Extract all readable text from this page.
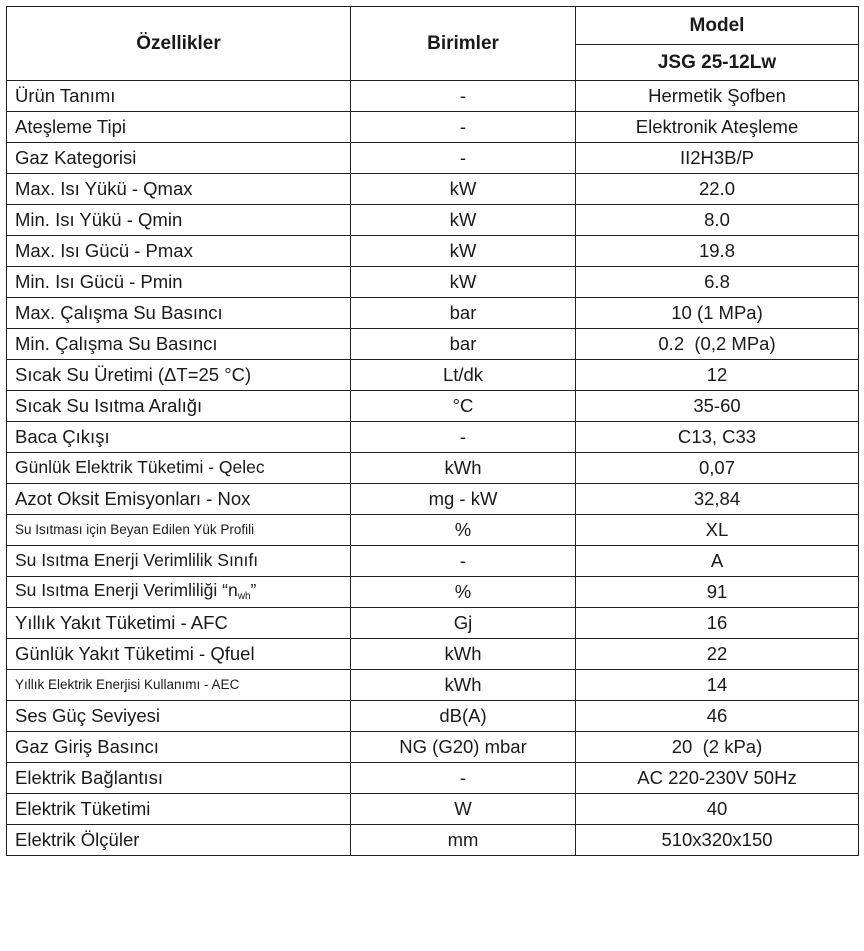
Özellikler	Birimler	Model
		JSG 25-12Lw
Ürün Tanımı	-	Hermetik Şofben
Ateşleme Tipi	-	Elektronik Ateşleme
Gaz Kategorisi	-	II2H3B/P
Max. Isı Yükü - Qmax	kW	22.0
Min. Isı Yükü - Qmin	kW	8.0
Max. Isı Gücü - Pmax	kW	19.8
Min. Isı Gücü - Pmin	kW	6.8
Max. Çalışma Su Basıncı	bar	10 (1 MPa)
Min. Çalışma Su Basıncı	bar	0.2  (0,2 MPa)
Sıcak Su Üretimi (ΔT=25 °C)	Lt/dk	12
Sıcak Su Isıtma Aralığı	°C	35-60
Baca Çıkışı	-	C13, C33
Günlük Elektrik Tüketimi - Qelec	kWh	0,07
Azot Oksit Emisyonları - Nox	mg - kW	32,84
Su Isıtması için Beyan Edilen Yük Profili	%	XL
Su Isıtma Enerji Verimlilik Sınıfı	-	A
Su Isıtma Enerji Verimliliği “$n_{wh}$”	%	91
Yıllık Yakıt Tüketimi - AFC	Gj	16
Günlük Yakıt Tüketimi - Qfuel	kWh	22
Yıllık Elektrik Enerjisi Kullanımı - AEC	kWh	14
Ses Güç Seviyesi	dB(A)	46
Gaz Giriş Basıncı	NG (G20) mbar	20  (2 kPa)
Elektrik Bağlantısı	-	AC 220-230V 50Hz
Elektrik Tüketimi	W	40
Elektrik Ölçüler	mm	510x320x150
